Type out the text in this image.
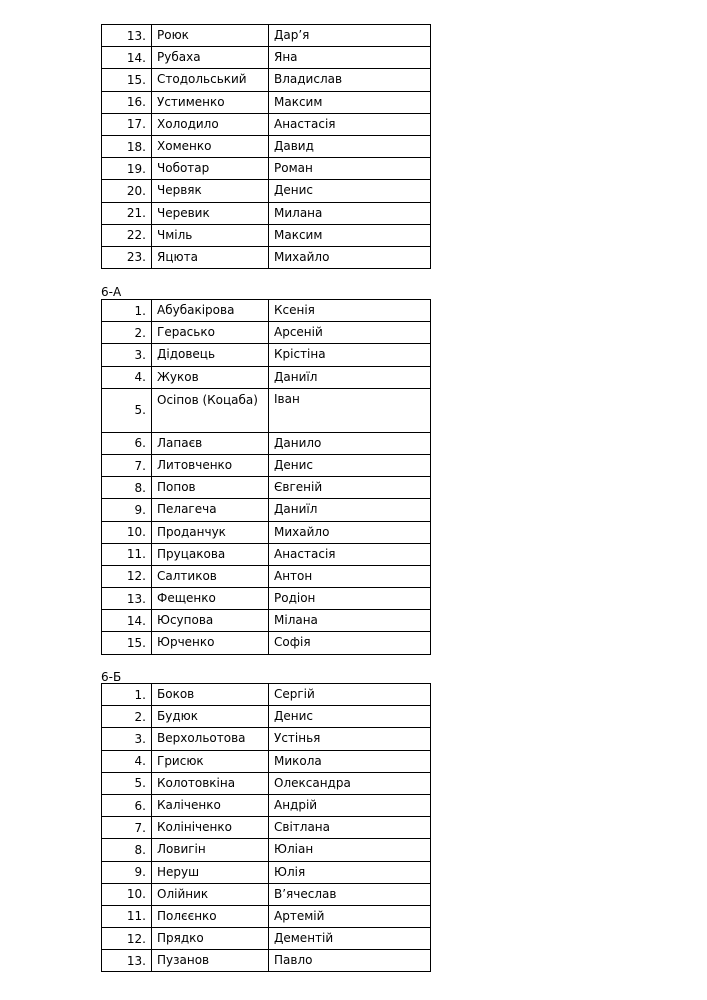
13.	Роюк	Дар’я
14.	Рубаха	Яна
15.	Стодольський	Владислав
16.	Устименко	Максим
17.	Холодило	Анастасія
18.	Хоменко	Давид
19.	Чоботар	Роман
20.	Червяк	Денис
21.	Черевик	Милана
22.	Чміль	Максим
23.	Яцюта	Михайло
6-А
1.	Абубакірова	Ксенія
2.	Герасько	Арсеній
3.	Дідовець	Крістіна
4.	Жуков	Даниїл
5.	Осіпов (Коцаба)	Іван
6.	Лапаєв	Данило
7.	Литовченко	Денис
8.	Попов	Євгеній
9.	Пелагеча	Даниїл
10.	Проданчук	Михайло
11.	Пруцакова	Анастасія
12.	Салтиков	Антон
13.	Фещенко	Родіон
14.	Юсупова	Мілана
15.	Юрченко	Софія
6-Б
1.	Боков	Сергій
2.	Будюк	Денис
3.	Верхольотова	Устінья
4.	Грисюк	Микола
5.	Колотовкіна	Олександра
6.	Каліченко	Андрій
7.	Колініченко	Світлана
8.	Ловигін	Юліан
9.	Неруш	Юлія
10.	Олійник	В’ячеслав
11.	Полєєнко	Артемій
12.	Прядко	Дементій
13.	Пузанов	Павло
